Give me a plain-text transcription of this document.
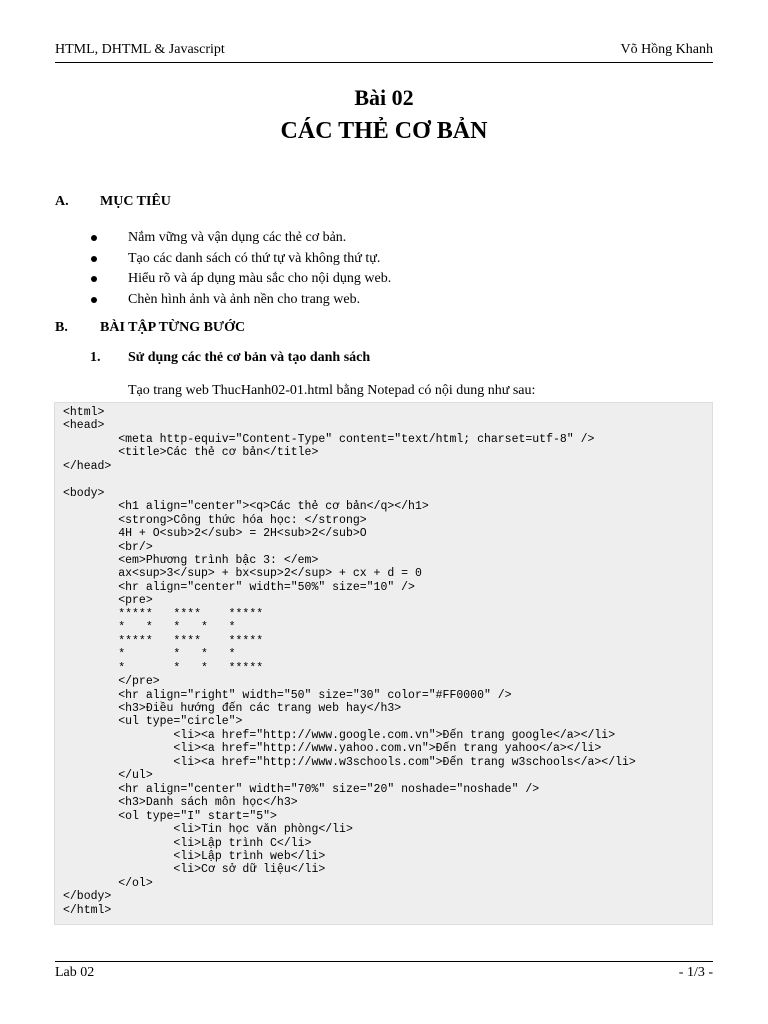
HTML, DHTML & Javascript	Võ Hồng Khanh
Bài 02
CÁC THẺ CƠ BẢN
A. MỤC TIÊU
Nắm vững và vận dụng các thẻ cơ bản.
Tạo các danh sách có thứ tự và không thứ tự.
Hiểu rõ và áp dụng màu sắc cho nội dụng web.
Chèn hình ảnh và ảnh nền cho trang web.
B. BÀI TẬP TỪNG BƯỚC
1. Sử dụng các thẻ cơ bản và tạo danh sách
Tạo trang web ThucHanh02-01.html bằng Notepad có nội dung như sau:
<html>
<head>
<meta http-equiv="Content-Type" content="text/html; charset=utf-8" />
<title>Các thẻ cơ bản</title>
</head>

<body>
<h1 align="center"><q>Các thẻ cơ bản</q></h1>
<strong>Công thức hóa học: </strong>
4H + O<sub>2</sub> = 2H<sub>2</sub>O
<br/>
<em>Phương trình bậc 3: </em>
ax<sup>3</sup> + bx<sup>2</sup> + cx + d = 0
<hr align="center" width="50%" size="10" />
<pre>
*****   ****    *****
*   *   *   *   *
*****   ****    *****
*       *   *   *
*       *   *   *****
</pre>
<hr align="right" width="50" size="30" color="#FF0000" />
<h3>Điều hướng đến các trang web hay</h3>
<ul type="circle">
<li><a href="http://www.google.com.vn">Đến trang google</a></li>
<li><a href="http://www.yahoo.com.vn">Đến trang yahoo</a></li>
<li><a href="http://www.w3schools.com">Đến trang w3schools</a></li>
</ul>
<hr align="center" width="70%" size="20" noshade="noshade" />
<h3>Danh sách môn học</h3>
<ol type="I" start="5">
<li>Tin học văn phòng</li>
<li>Lập trình C</li>
<li>Lập trình web</li>
<li>Cơ sở dữ liệu</li>
</ol>
</body>
</html>

Lab 02	- 1/3 -
